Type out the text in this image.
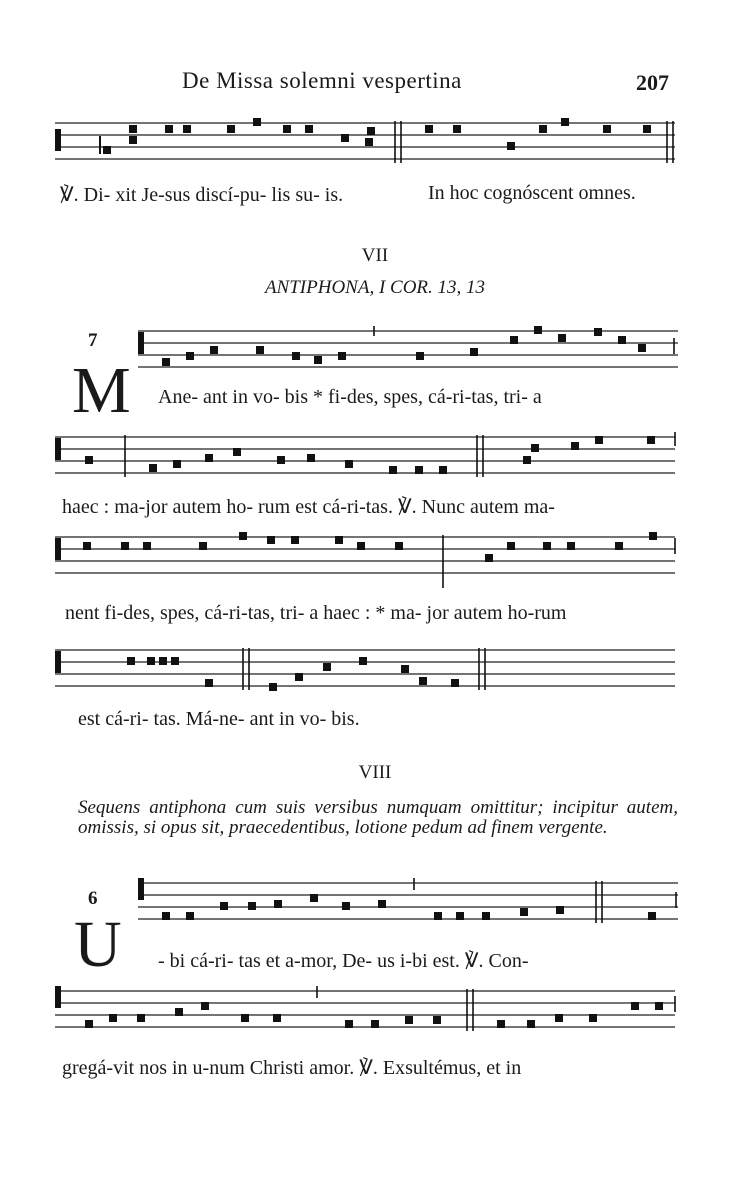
De Missa solemni vespertina	207
℣. Di- xit Je-sus discí-pu- lis su- is.	In hoc cognóscent omnes.
VII
ANTIPHONA, I COR. 13, 13
7
M Ane- ant in vo- bis * fi-des, spes, cá-ri-tas, tri- a
haec : ma-jor autem ho- rum est cá-ri-tas. ℣. Nunc autem ma-
nent fi-des, spes, cá-ri-tas, tri- a haec : * ma- jor autem ho-rum
est cá-ri- tas. Má-ne- ant in vo- bis.
VIII
Sequens antiphona cum suis versibus numquam omittitur; incipitur autem, omissis, si opus sit, praecedentibus, lotione pedum ad finem vergente.
6
U - bi cá-ri- tas et a-mor, De- us i-bi est. ℣. Con-
gregá-vit nos in u-num Christi amor. ℣. Exsultémus, et in
